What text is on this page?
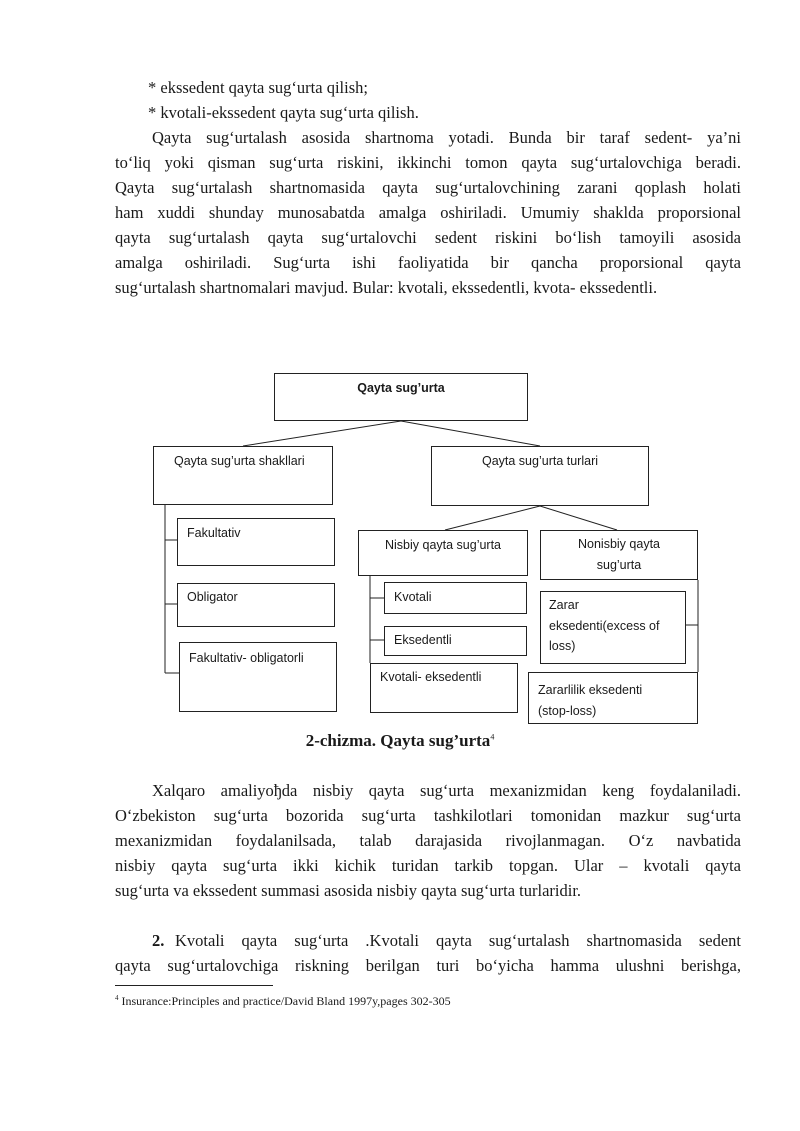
* ekssedent qayta sug‘urta qilish;
* kvotali-ekssedent qayta sug‘urta qilish.
Qayta sug‘urtalash asosida shartnoma yotadi. Bunda bir taraf sedent- ya’ni
to‘liq yoki qisman sug‘urta riskini, ikkinchi tomon qayta sug‘urtalovchiga beradi.
Qayta sug‘urtalash shartnomasida qayta sug‘urtalovchining zarani qoplash holati
ham xuddi shunday munosabatda amalga oshiriladi. Umumiy shaklda proporsional
qayta sug‘urtalash qayta sug‘urtalovchi sedent riskini bo‘lish tamoyili asosida
amalga oshiriladi. Sug‘urta ishi faoliyatida bir qancha proporsional qayta
sug‘urtalash shartnomalari mavjud. Bular: kvotali, ekssedentli, kvota- ekssedentli.
Qayta sug’urta
Qayta sug’urta shakllari	Qayta sug’urta turlari
Fakultativ
Obligator
Fakultativ- obligatorli
Nisbiy qayta sug’urta
Kvotali
Eksedentli
Kvotali- eksedentli
Nonisbiy qayta
sug’urta
Zarar
eksedenti(excess of
loss)
Zararlilik eksedenti
(stop-loss)
2-chizma. Qayta sug’urta$^4$
Xalqaro amaliyoђda nisbiy qayta sug‘urta mexanizmidan keng foydalaniladi.
O‘zbekiston sug‘urta bozorida sug‘urta tashkilotlari tomonidan mazkur sug‘urta
mexanizmidan foydalanilsada, talab darajasida rivojlanmagan. O‘z navbatida
nisbiy qayta sug‘urta ikki kichik turidan tarkib topgan. Ular – kvotali qayta
sug‘urta va ekssedent summasi asosida nisbiy qayta sug‘urta turlaridir.
2. Kvotali qayta sug‘urta .Kvotali qayta sug‘urtalash shartnomasida sedent
qayta sug‘urtalovchiga riskning berilgan turi bo‘yicha hamma ulushni berishga,
$^4$ Insurance:Principles and practice/David Bland 1997y,pages 302-305
